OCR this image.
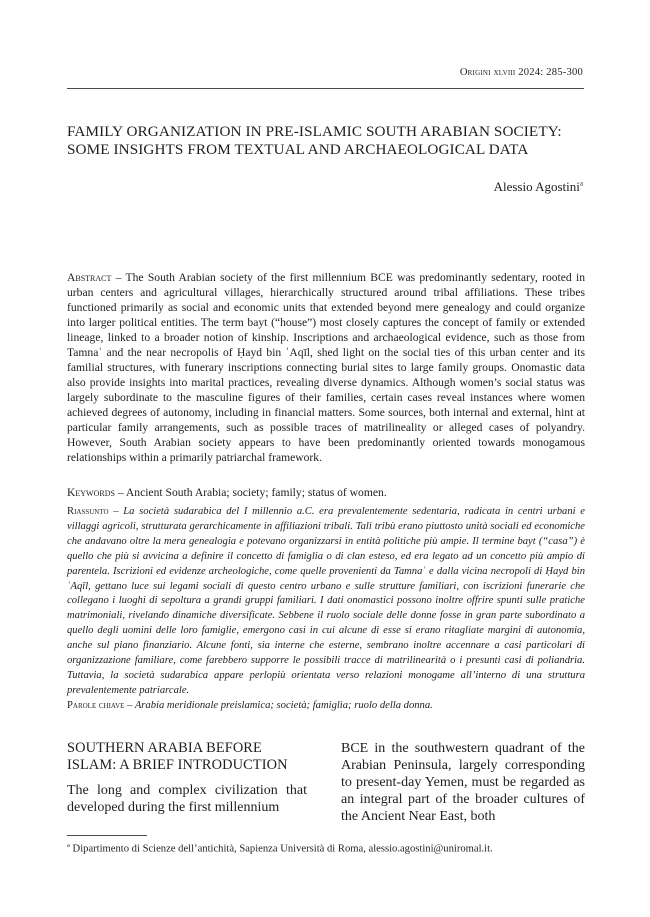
Origini xlviii 2024: 285-300
FAMILY ORGANIZATION IN PRE-ISLAMIC SOUTH ARABIAN SOCIETY: SOME INSIGHTS FROM TEXTUAL AND ARCHAEOLOGICAL DATA
Alessio Agostini$^a$

Abstract – The South Arabian society of the first millennium BCE was predominantly sedentary, rooted in urban centers and agricultural villages, hierarchically structured around tribal affiliations. These tribes functioned primarily as social and economic units that extended beyond mere genealogy and could organize into larger political entities. The term bayt (“house”) most closely captures the concept of family or extended lineage, linked to a broader notion of kinship. Inscriptions and archaeological evidence, such as those from Tamnaʿ and the near necropolis of Ḥayd bin ʿAqīl, shed light on the social ties of this urban center and its familial structures, with funerary inscriptions connecting burial sites to large family groups. Onomastic data also provide insights into marital practices, revealing diverse dynamics. Although women’s social status was largely subordinate to the masculine figures of their families, certain cases reveal instances where women achieved degrees of autonomy, including in financial matters. Some sources, both internal and external, hint at particular family arrangements, such as possible traces of matrilineality or alleged cases of polyandry. However, South Arabian society appears to have been predominantly oriented towards monogamous relationships within a primarily patriarchal framework.

Keywords – Ancient South Arabia; society; family; status of women.

Riassunto – La società sudarabica del I millennio a.C. era prevalentemente sedentaria, radicata in centri urbani e villaggi agricoli, strutturata gerarchicamente in affiliazioni tribali. Tali tribù erano piuttosto unità sociali ed economiche che andavano oltre la mera genealogia e potevano organizzarsi in entità politiche più ampie. Il termine bayt (“casa”) è quello che più si avvicina a definire il concetto di famiglia o di clan esteso, ed era legato ad un concetto più ampio di parentela. Iscrizioni ed evidenze archeologiche, come quelle provenienti da Tamnaʿ e dalla vicina necropoli di Ḥayd bin ʿAqīl, gettano luce sui legami sociali di questo centro urbano e sulle strutture familiari, con iscrizioni funerarie che collegano i luoghi di sepoltura a grandi gruppi familiari. I dati onomastici possono inoltre offrire spunti sulle pratiche matrimoniali, rivelando dinamiche diversificate. Sebbene il ruolo sociale delle donne fosse in gran parte subordinato a quello degli uomini delle loro famiglie, emergono casi in cui alcune di esse si erano ritagliate margini di autonomia, anche sul piano finanziario. Alcune fonti, sia interne che esterne, sembrano inoltre accennare a casi particolari di organizzazione familiare, come farebbero supporre le possibili tracce di matrilinearità o i presunti casi di poliandria. Tuttavia, la società sudarabica appare perlopiù orientata verso relazioni monogame all’interno di una struttura prevalentemente patriarcale.

Parole chiave – Arabia meridionale preislamica; società; famiglia; ruolo della donna.

SOUTHERN ARABIA BEFORE ISLAM: A BRIEF INTRODUCTION

The long and complex civilization that developed during the first millennium

BCE in the southwestern quadrant of the Arabian Peninsula, largely corresponding to present-day Yemen, must be regarded as an integral part of the broader cultures of the Ancient Near East, both

$^a$ Dipartimento di Scienze dell’antichità, Sapienza Università di Roma, alessio.agostini@uniromal.it.
